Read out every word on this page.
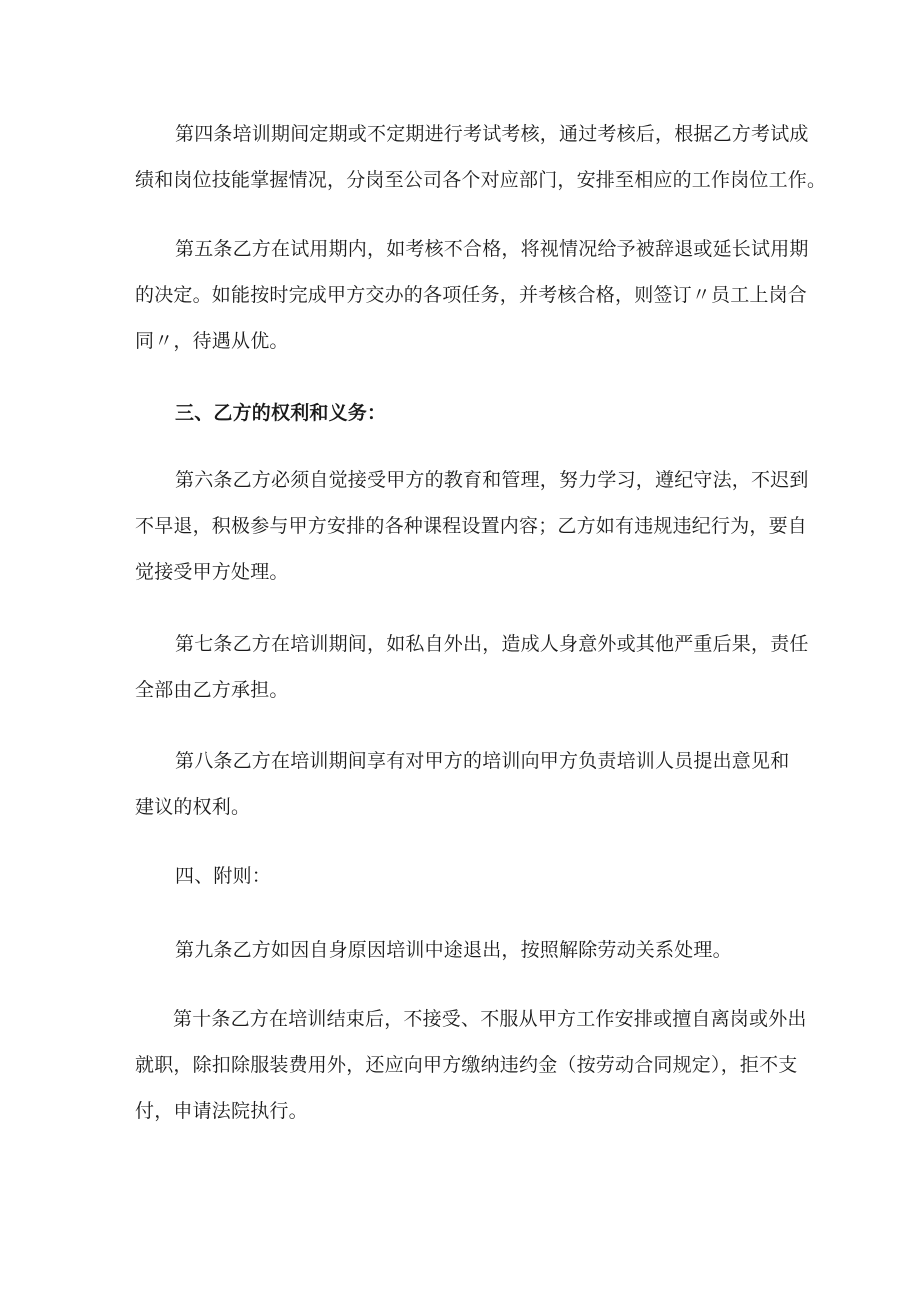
第四条培训期间定期或不定期进行考试考核，通过考核后，根据乙方考试成
绩和岗位技能掌握情况，分岗至公司各个对应部门，安排至相应的工作岗位工作。
第五条乙方在试用期内，如考核不合格，将视情况给予被辞退或延长试用期
的决定。如能按时完成甲方交办的各项任务，并考核合格，则签订〃员工上岗合
同〃，待遇从优。
三、乙方的权利和义务：
第六条乙方必须自觉接受甲方的教育和管理，努力学习，遵纪守法，不迟到
不早退，积极参与甲方安排的各种课程设置内容；乙方如有违规违纪行为，要自
觉接受甲方处理。
第七条乙方在培训期间，如私自外出，造成人身意外或其他严重后果，责任
全部由乙方承担。
第八条乙方在培训期间享有对甲方的培训向甲方负责培训人员提出意见和
建议的权利。
四、附则：
第九条乙方如因自身原因培训中途退出，按照解除劳动关系处理。
第十条乙方在培训结束后，不接受、不服从甲方工作安排或擅自离岗或外出
就职，除扣除服装费用外，还应向甲方缴纳违约金（按劳动合同规定），拒不支
付，申请法院执行。
